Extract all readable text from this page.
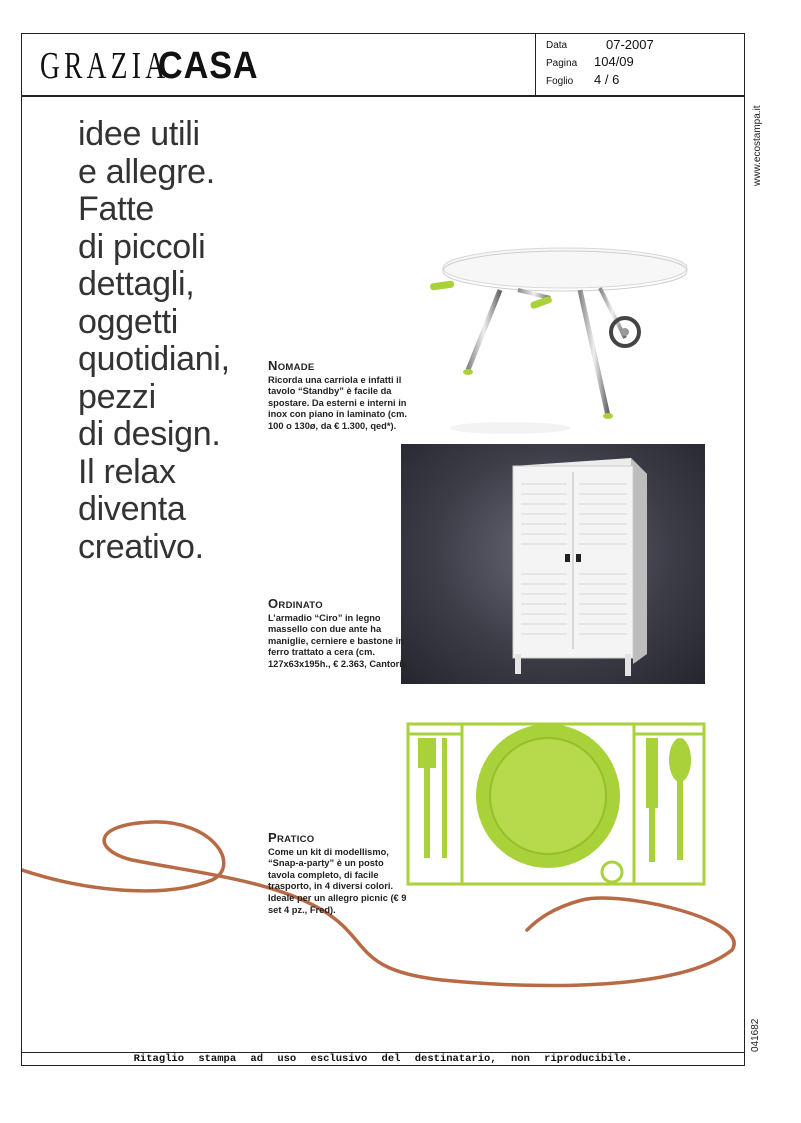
GRAZIACASA	Data	07-2007
Pagina 104/09
Foglio 4 / 6
www.ecostampa.it
041682
idee utili
e allegre.
Fatte
di piccoli
dettagli,
oggetti
quotidiani,
pezzi
di design.
Il relax
diventa
creativo.
NOMADE
Ricorda una carriola e infatti il tavolo “Standby” è facile da spostare. Da esterni e interni in inox con piano in laminato (cm. 100 o 130ø, da € 1.300, qed*).
ORDINATO
L’armadio “Ciro” in legno massello con due ante ha maniglie, cerniere e bastone in ferro trattato a cera (cm. 127x63x195h., € 2.363, Cantori).
PRATICO
Come un kit di modellismo, “Snap-a-party” è un posto tavola completo, di facile trasporto, in 4 diversi colori. Ideale per un allegro picnic (€ 9 set 4 pz., Fred).
Ritaglio stampa ad uso esclusivo del destinatario, non riproducibile.
